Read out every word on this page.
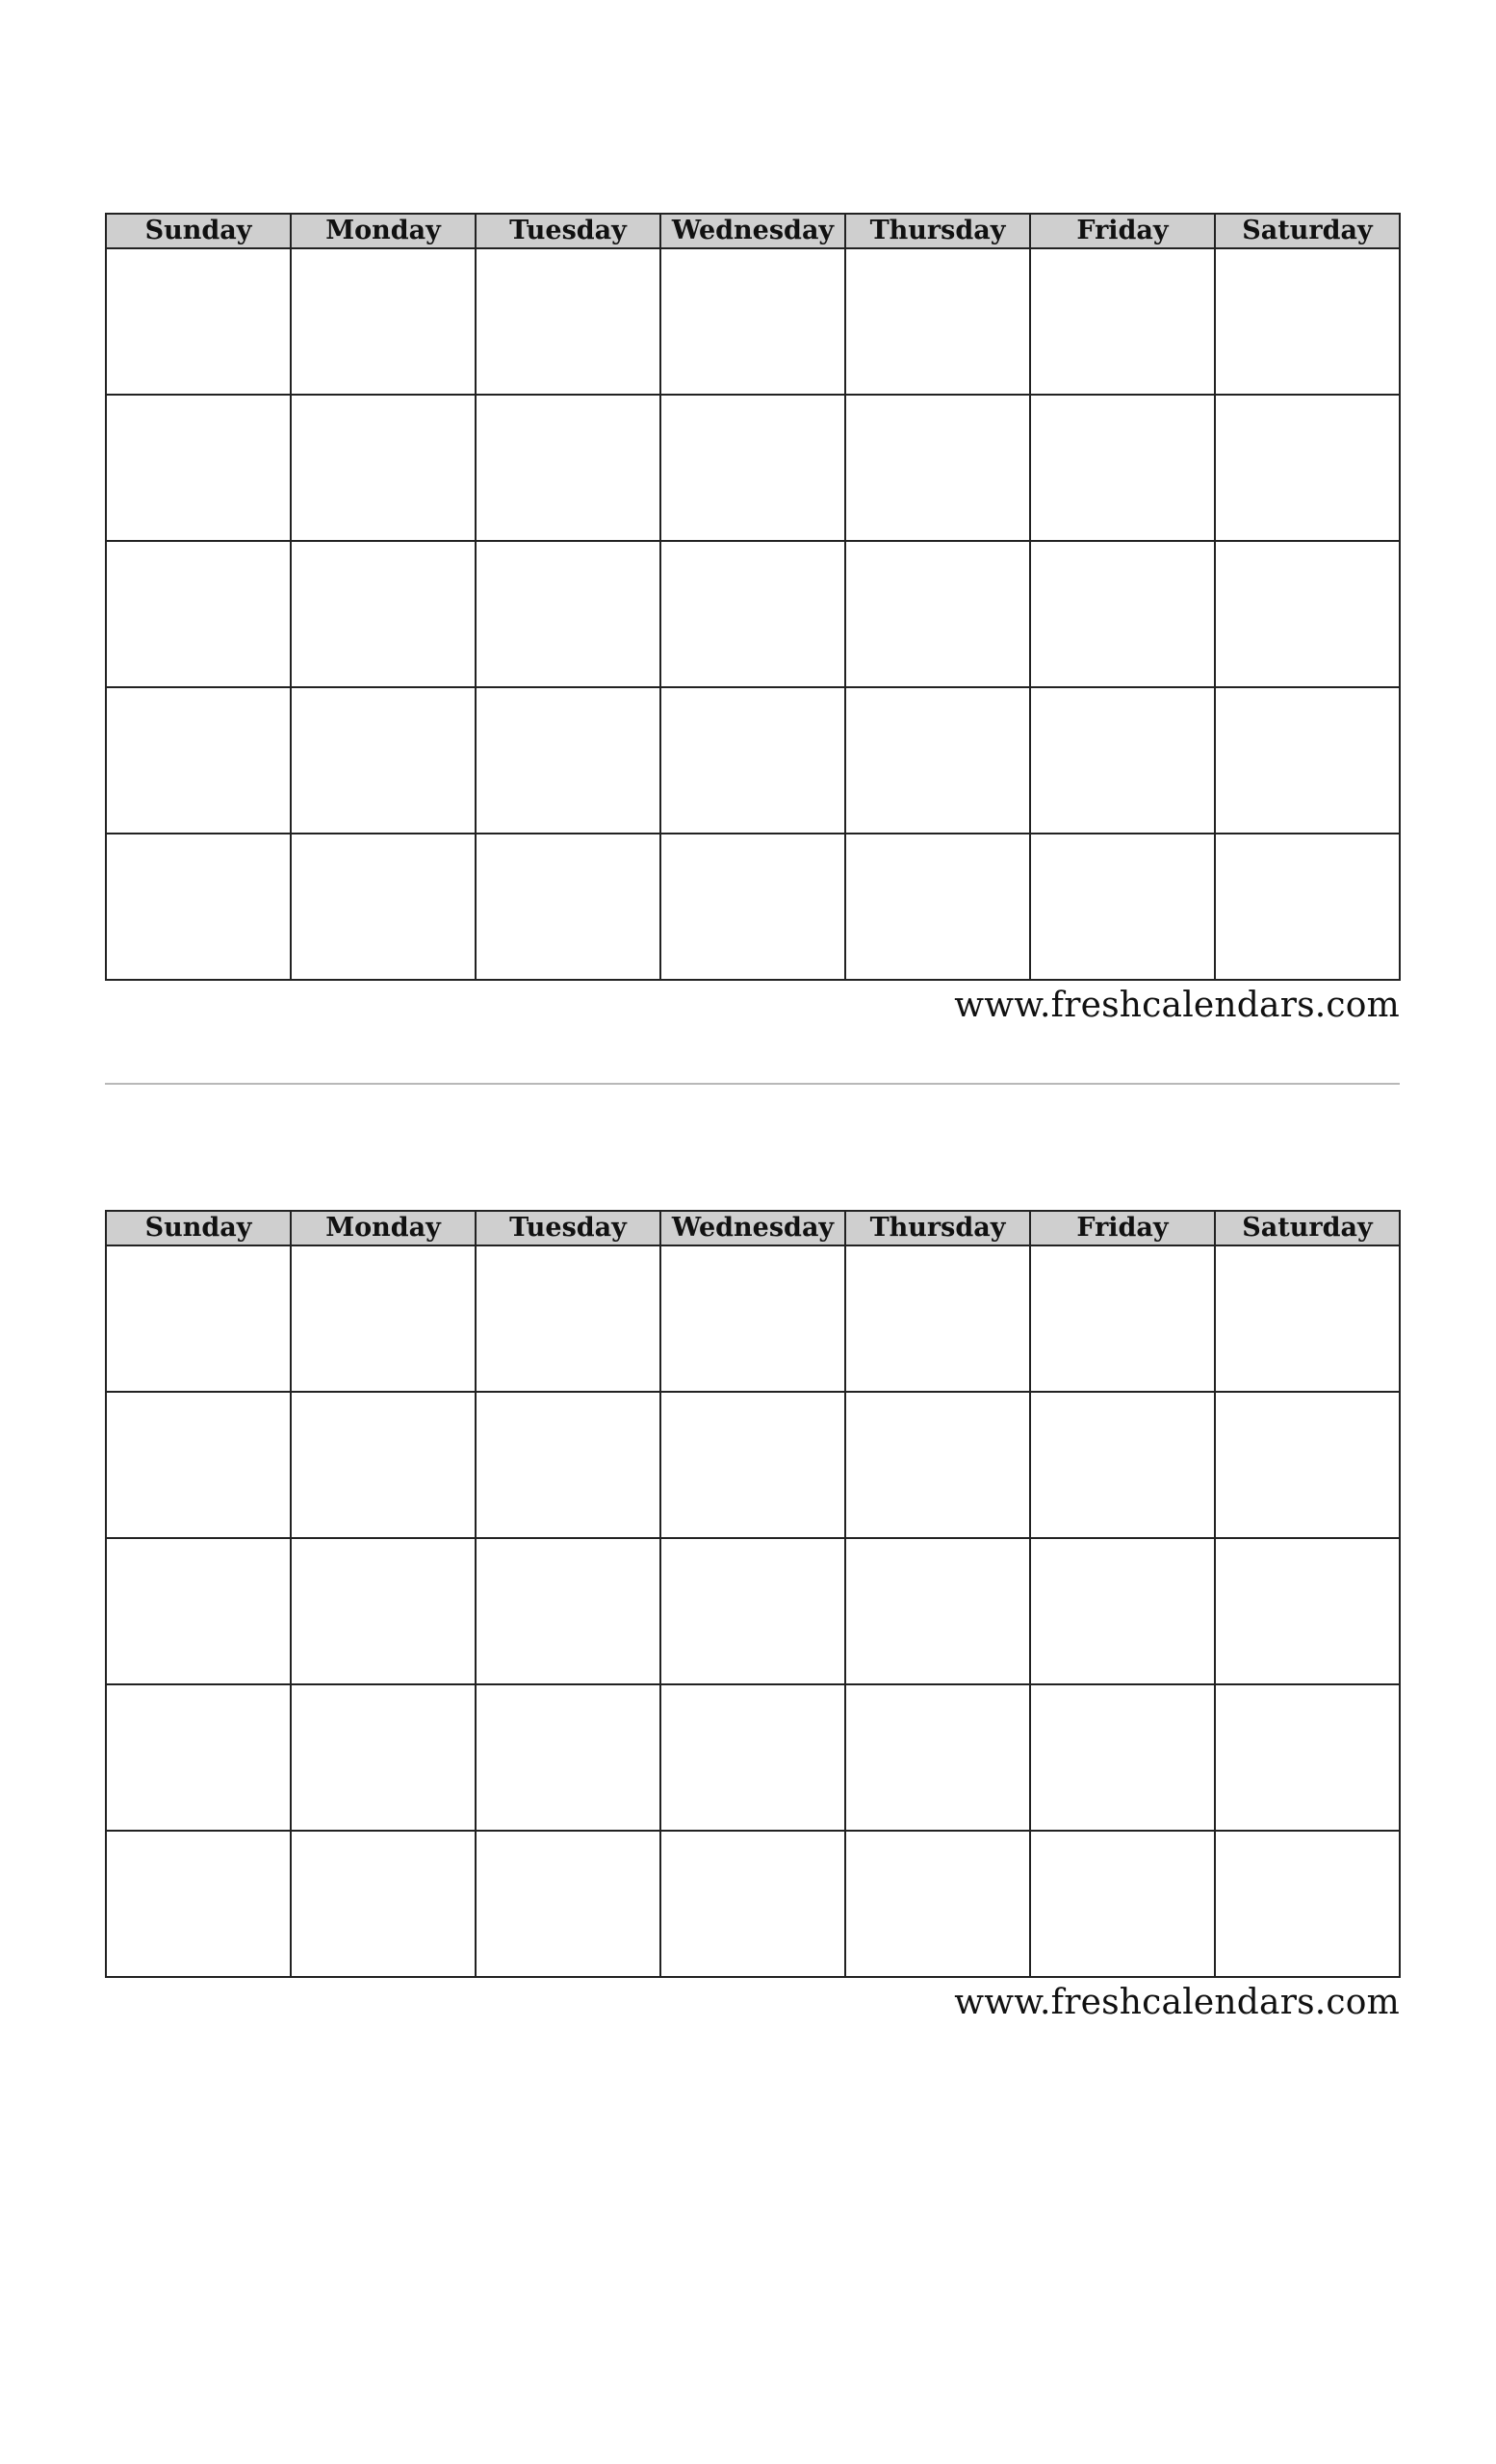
Sunday	Monday	Tuesday	Wednesday	Thursday	Friday	Saturday

www.freshcalendars.com
Sunday	Monday	Tuesday	Wednesday	Thursday	Friday	Saturday

www.freshcalendars.com
